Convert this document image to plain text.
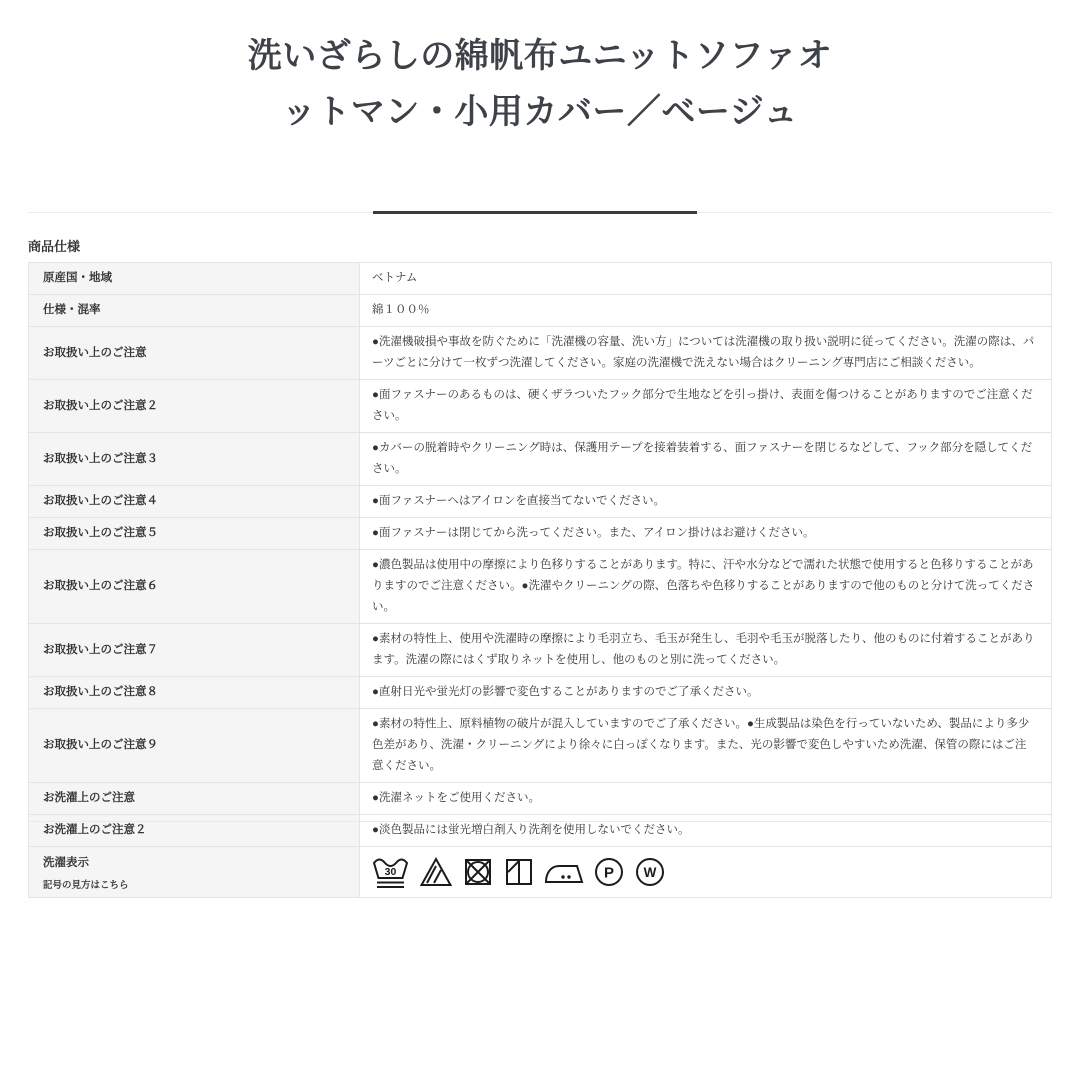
洗いざらしの綿帆布ユニットソファオットマン・小用カバー／ベージュ
商品仕様
原産国・地域	ベトナム
仕様・混率	綿１００％
お取扱い上のご注意	●洗濯機破損や事故を防ぐために「洗濯機の容量、洗い方」については洗濯機の取り扱い説明に従ってください。洗濯の際は、パーツごとに分けて一枚ずつ洗濯してください。家庭の洗濯機で洗えない場合はクリーニング専門店にご相談ください。
お取扱い上のご注意２	●面ファスナーのあるものは、硬くザラついたフック部分で生地などを引っ掛け、表面を傷つけることがありますのでご注意ください。
お取扱い上のご注意３	●カバーの脱着時やクリーニング時は、保護用テープを接着装着する、面ファスナーを閉じるなどして、フック部分を隠してください。
お取扱い上のご注意４	●面ファスナーへはアイロンを直接当てないでください。
お取扱い上のご注意５	●面ファスナーは閉じてから洗ってください。また、アイロン掛けはお避けください。
お取扱い上のご注意６	●濃色製品は使用中の摩擦により色移りすることがあります。特に、汗や水分などで濡れた状態で使用すると色移りすることがありますのでご注意ください。●洗濯やクリーニングの際、色落ちや色移りすることがありますので他のものと分けて洗ってください。
お取扱い上のご注意７	●素材の特性上、使用や洗濯時の摩擦により毛羽立ち、毛玉が発生し、毛羽や毛玉が脱落したり、他のものに付着することがあります。洗濯の際にはくず取りネットを使用し、他のものと別に洗ってください。
お取扱い上のご注意８	●直射日光や蛍光灯の影響で変色することがありますのでご了承ください。
お取扱い上のご注意９	●素材の特性上、原料植物の破片が混入していますのでご了承ください。●生成製品は染色を行っていないため、製品により多少色差があり、洗濯・クリーニングにより徐々に白っぽくなります。また、光の影響で変色しやすいため洗濯、保管の際にはご注意ください。
お洗濯上のご注意	●洗濯ネットをご使用ください。
お洗濯上のご注意２	●淡色製品には蛍光増白剤入り洗剤を使用しないでください。
洗濯表示
記号の見方はこちら	30 P W
